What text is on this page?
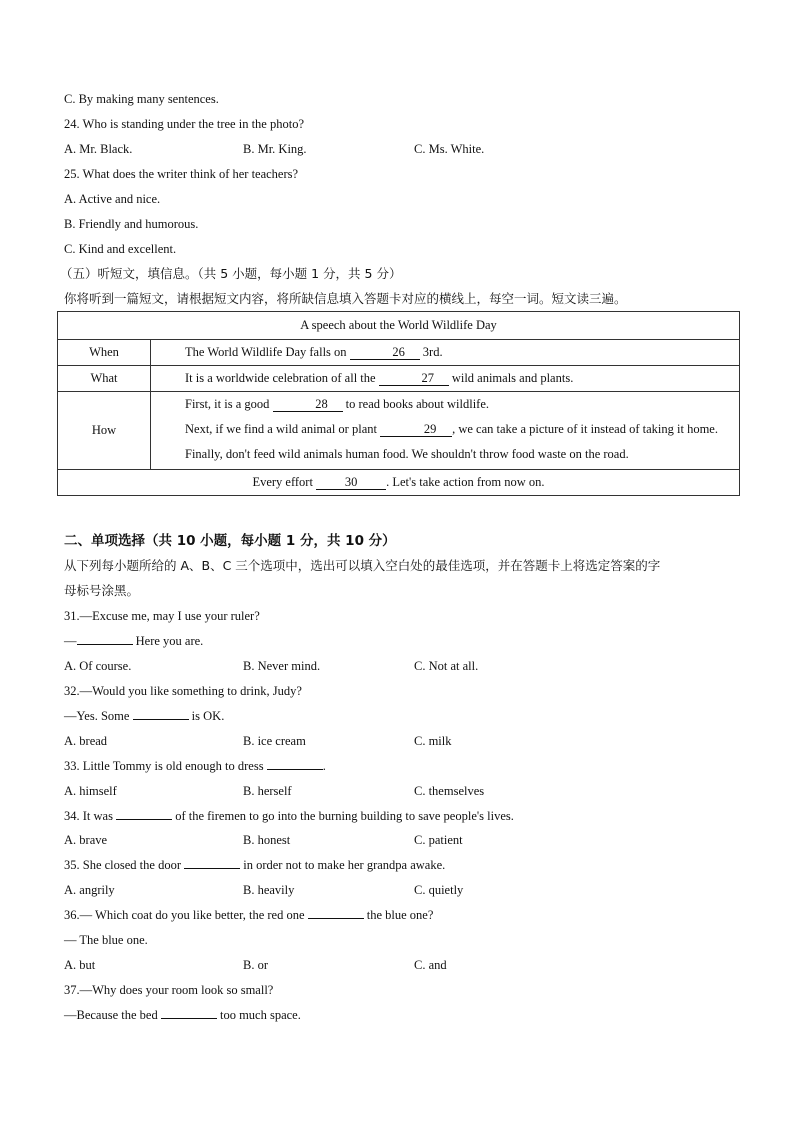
C. By making many sentences.
24. Who is standing under the tree in the photo?
A. Mr. Black.	B. Mr. King.	C. Ms. White.
25. What does the writer think of her teachers?
A. Active and nice.
B. Friendly and humorous.
C. Kind and excellent.
（五）听短文，填信息。（共 5 小题，每小题 1 分，共 5 分）
你将听到一篇短文，请根据短文内容，将所缺信息填入答题卡对应的横线上，每空一词。短文读三遍。
A speech about the World Wildlife Day	
When	The World Wildlife Day falls on 26 3rd.

What	It is a worldwide celebration of all the 27 wild animals and plants.

How	First, it is a good 28 to read books about wildlife.

Next, if we find a wild animal or plant 29 , we can take a picture of it instead of taking it home.

Finally, don't feed wild animals human food. We shouldn't throw food waste on the road.

Every effort 30 . Let's take action from now on.	
二、单项选择（共 10 小题，每小题 1 分，共 10 分）
从下列每小题所给的 A、B、C 三个选项中，选出可以填入空白处的最佳选项，并在答题卡上将选定答案的字
母标号涂黑。
31.—Excuse me, may I use your ruler?
—	Here you are.
A. Of course.	B. Never mind.	C. Not at all.
32.—Would you like something to drink, Judy?
—Yes. Some	is OK.
A. bread	B. ice cream	C. milk
33. Little Tommy is old enough to dress	.
A. himself	B. herself	C. themselves
34. It was	of the firemen to go into the burning building to save people's lives.
A. brave	B. honest	C. patient
35. She closed the door	in order not to make her grandpa awake.
A. angrily	B. heavily	C. quietly
36.— Which coat do you like better, the red one	the blue one?
— The blue one.
A. but	B. or	C. and
37.—Why does your room look so small?
—Because the bed	too much space.
